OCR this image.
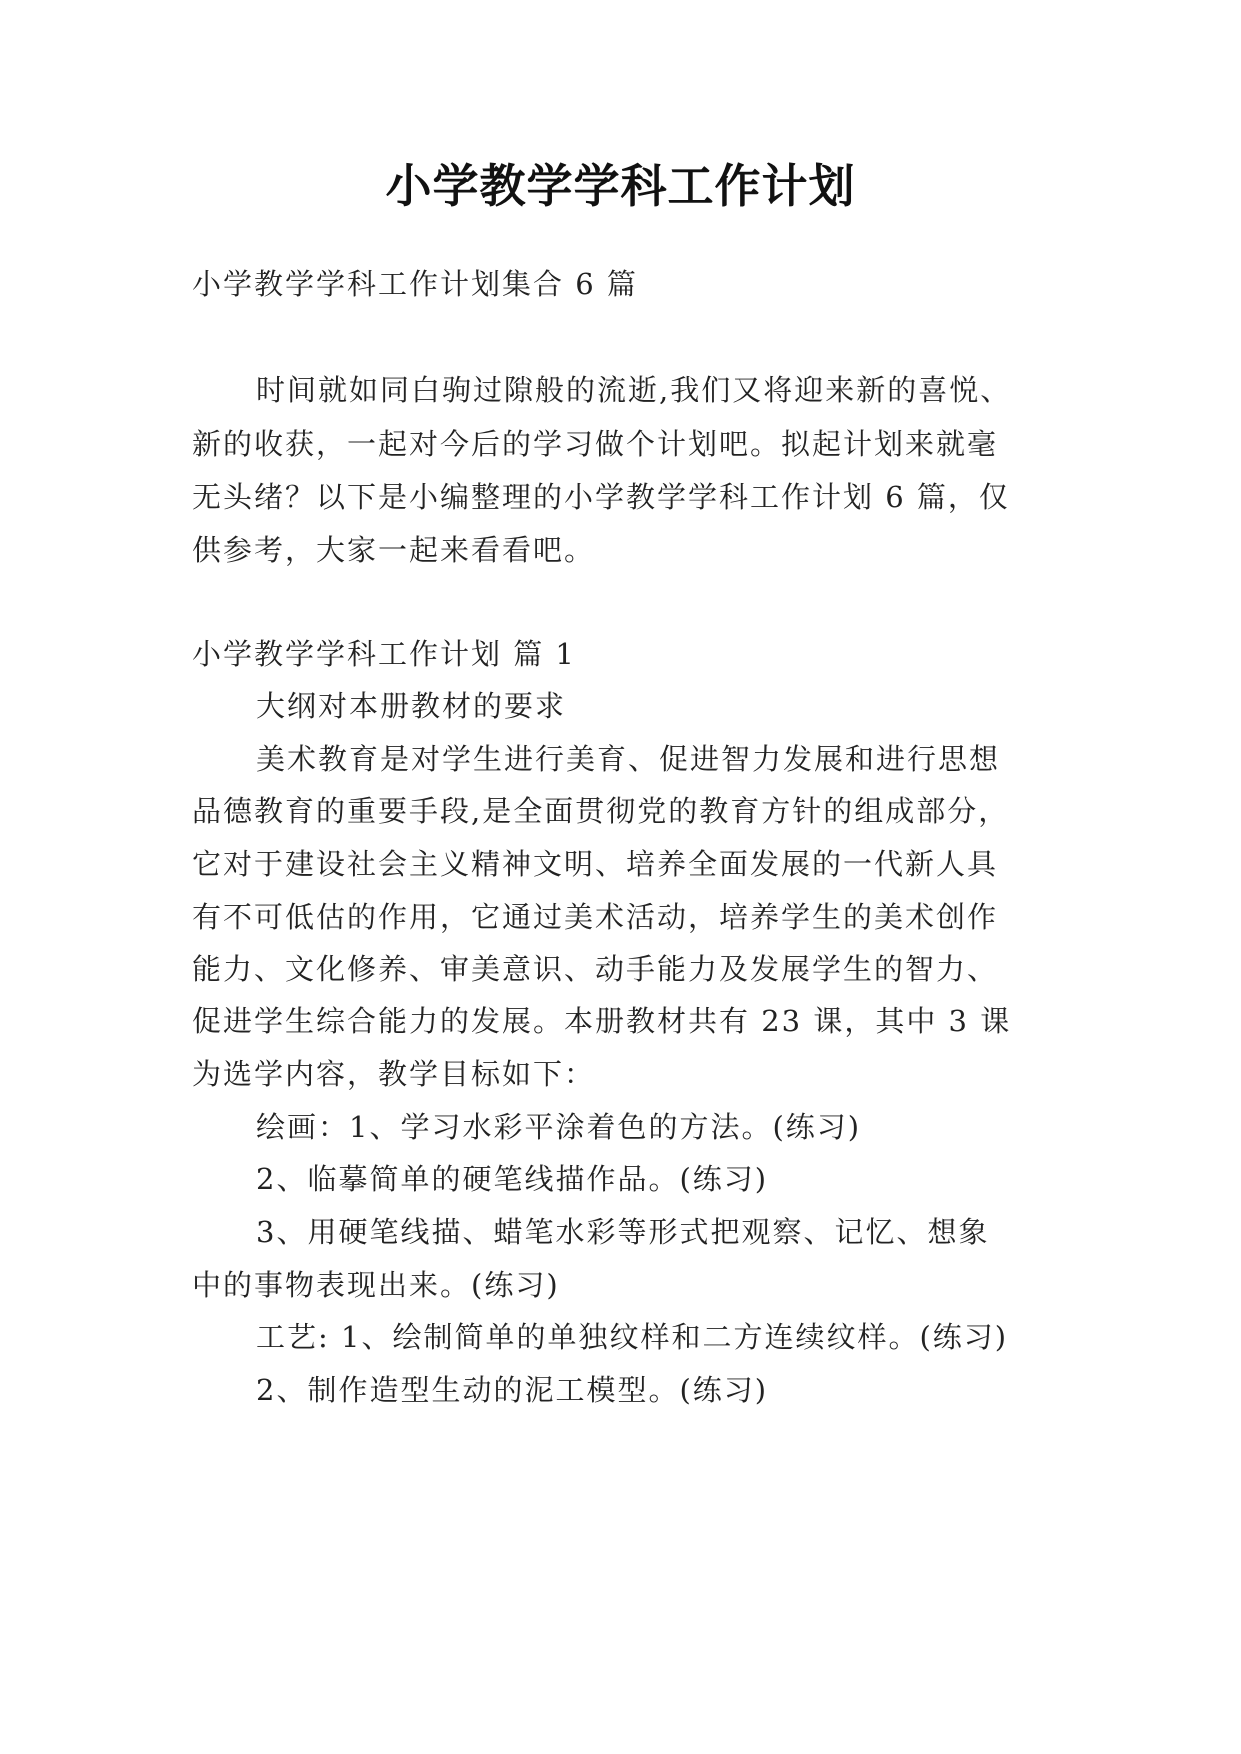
小学教学学科工作计划
小学教学学科工作计划集合 6 篇
时间就如同白驹过隙般的流逝,我们又将迎来新的喜悦、
新的收获，一起对今后的学习做个计划吧。拟起计划来就毫
无头绪？以下是小编整理的小学教学学科工作计划 6 篇，仅
供参考，大家一起来看看吧。
小学教学学科工作计划 篇 1
大纲对本册教材的要求
美术教育是对学生进行美育、促进智力发展和进行思想
品德教育的重要手段,是全面贯彻党的教育方针的组成部分，
它对于建设社会主义精神文明、培养全面发展的一代新人具
有不可低估的作用，它通过美术活动，培养学生的美术创作
能力、文化修养、审美意识、动手能力及发展学生的智力、
促进学生综合能力的发展。本册教材共有 23 课，其中 3 课
为选学内容，教学目标如下：
绘画：1、学习水彩平涂着色的方法。(练习)
2、临摹简单的硬笔线描作品。(练习)
3、用硬笔线描、蜡笔水彩等形式把观察、记忆、想象
中的事物表现出来。(练习)
工艺: 1、绘制简单的单独纹样和二方连续纹样。(练习)
2、制作造型生动的泥工模型。(练习)
